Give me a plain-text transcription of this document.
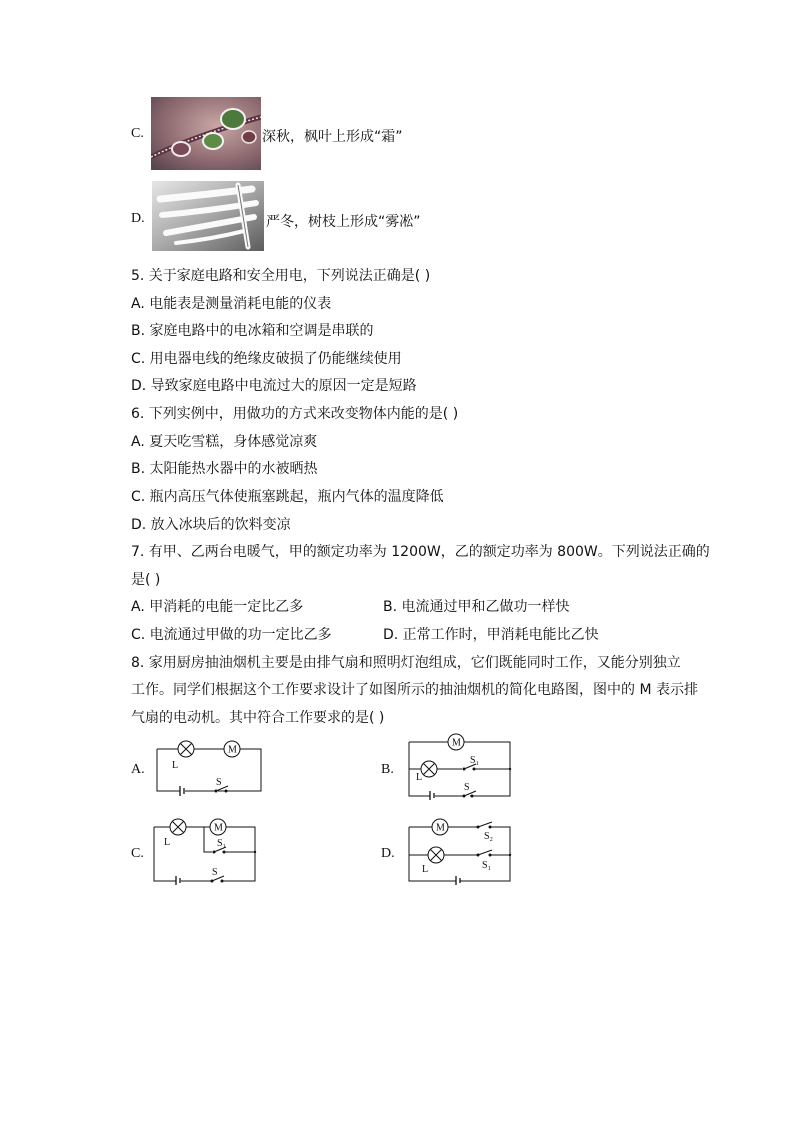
C.	深秋，枫叶上形成“霜”
D.	严冬，树枝上形成“雾凇”
5. 关于家庭电路和安全用电，下列说法正确是( )
A. 电能表是测量消耗电能的仪表
B. 家庭电路中的电冰箱和空调是串联的
C. 用电器电线的绝缘皮破损了仍能继续使用
D. 导致家庭电路中电流过大的原因一定是短路
6. 下列实例中，用做功的方式来改变物体内能的是( )
A. 夏天吃雪糕，身体感觉凉爽
B. 太阳能热水器中的水被晒热
C. 瓶内高压气体使瓶塞跳起，瓶内气体的温度降低
D. 放入冰块后的饮料变凉
7. 有甲、乙两台电暖气，甲的额定功率为 1200W，乙的额定功率为 800W。下列说法正确的
是( )
A. 甲消耗的电能一定比乙多	B. 电流通过甲和乙做功一样快
C. 电流通过甲做的功一定比乙多	D. 正常工作时，甲消耗电能比乙快
8. 家用厨房抽油烟机主要是由排气扇和照明灯泡组成，它们既能同时工作，又能分别独立
工作。同学们根据这个工作要求设计了如图所示的抽油烟机的简化电路图，图中的 M 表示排
气扇的电动机。其中符合工作要求的是( )
A.
M
L
S
B.
M
L
S₁
S
C.
M
L	S₁
S
D.
M
L
S₂
S₁
